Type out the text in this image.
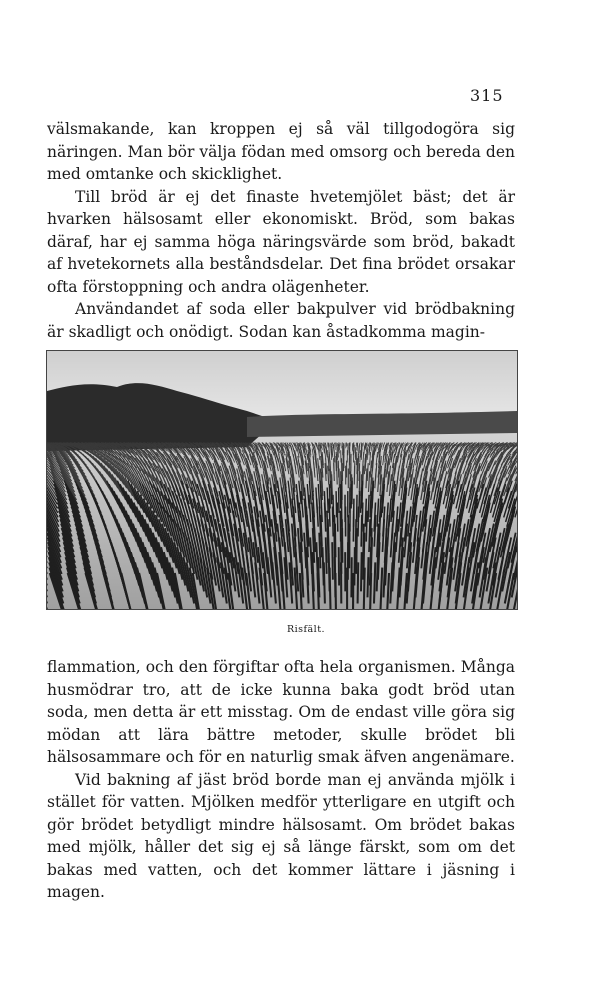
315

välsmakande, kan kroppen ej så väl tillgodogöra sig näringen. Man bör välja födan med omsorg och bereda den med omtanke och skicklighet.

Till bröd är ej det finaste hvetemjölet bäst; det är hvarken hälsosamt eller ekonomiskt. Bröd, som bakas däraf, har ej samma höga näringsvärde som bröd, bakadt af hvetekornets alla beståndsdelar. Det fina brödet orsakar ofta förstoppning och andra olägenheter.

Användandet af soda eller bakpulver vid brödbakning är skadligt och onödigt. Sodan kan åstadkomma magin-

Risfält.

flammation, och den förgiftar ofta hela organismen. Många husmödrar tro, att de icke kunna baka godt bröd utan soda, men detta är ett misstag. Om de endast ville göra sig mödan att lära bättre metoder, skulle brödet bli hälsosammare och för en naturlig smak äfven angenämare.

Vid bakning af jäst bröd borde man ej använda mjölk i stället för vatten. Mjölken medför ytterligare en utgift och gör brödet betydligt mindre hälsosamt. Om brödet bakas med mjölk, håller det sig ej så länge färskt, som om det bakas med vatten, och det kommer lättare i jäsning i magen.
